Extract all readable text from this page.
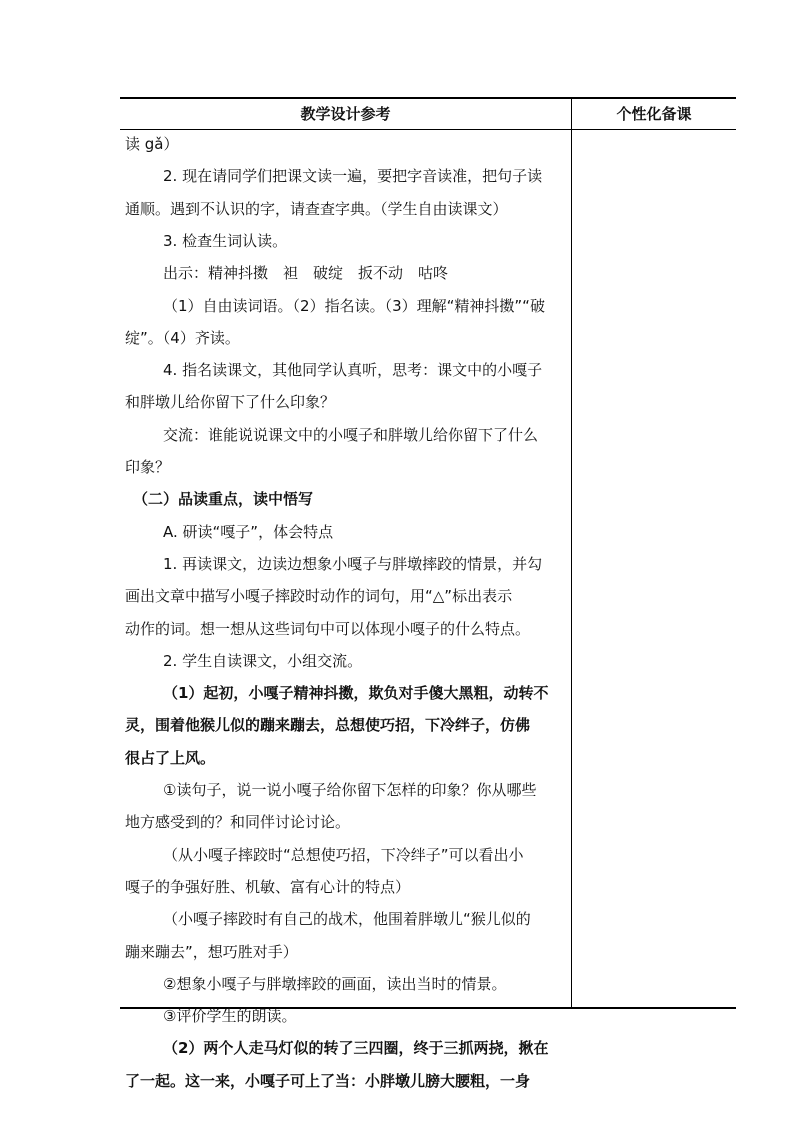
教学设计参考	个性化备课
读 gǎ）
2. 现在请同学们把课文读一遍，要把字音读准，把句子读
通顺。遇到不认识的字，请查查字典。（学生自由读课文）
3. 检查生词认读。
出示：精神抖擞　袒　破绽　扳不动　咕咚
（1）自由读词语。（2）指名读。（3）理解“精神抖擞”“破
绽”。（4）齐读。
4. 指名读课文，其他同学认真听，思考：课文中的小嘎子
和胖墩儿给你留下了什么印象？
交流：谁能说说课文中的小嘎子和胖墩儿给你留下了什么
印象？
（二）品读重点，读中悟写
A. 研读“嘎子”，体会特点
1. 再读课文，边读边想象小嘎子与胖墩摔跤的情景，并勾
画出文章中描写小嘎子摔跤时动作的词句，用“△”标出表示
动作的词。想一想从这些词句中可以体现小嘎子的什么特点。
2. 学生自读课文，小组交流。
（1）起初，小嘎子精神抖擞，欺负对手傻大黑粗，动转不
灵，围着他猴儿似的蹦来蹦去，总想使巧招，下冷绊子，仿佛
很占了上风。
①读句子，说一说小嘎子给你留下怎样的印象？你从哪些
地方感受到的？和同伴讨论讨论。
（从小嘎子摔跤时“总想使巧招，下冷绊子”可以看出小
嘎子的争强好胜、机敏、富有心计的特点）
（小嘎子摔跤时有自己的战术，他围着胖墩儿“猴儿似的
蹦来蹦去”，想巧胜对手）
②想象小嘎子与胖墩摔跤的画面，读出当时的情景。
③评价学生的朗读。
（2）两个人走马灯似的转了三四圈，终于三抓两挠，揪在
了一起。这一来，小嘎子可上了当：小胖墩儿膀大腰粗，一身
